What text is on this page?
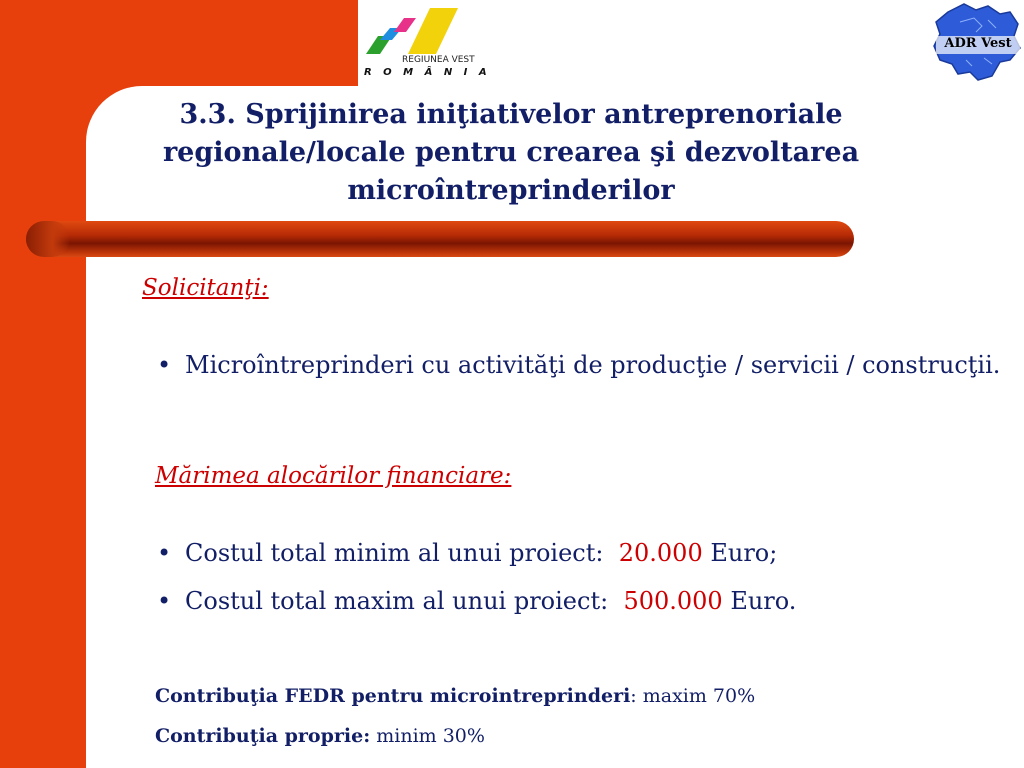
REGIUNEA VEST
R O M Â N I A
ADR Vest
3.3. Sprijinirea iniţiativelor antreprenoriale
regionale/locale pentru crearea şi dezvoltarea
microîntreprinderilor

Solicitanţi:

• Microîntreprinderi cu activităţi de producţie / servicii / construcţii.

Mărimea alocărilor financiare:

• Costul total minim al unui proiect:  20.000 Euro;
• Costul total maxim al unui proiect:  500.000 Euro.

Contribuţia FEDR pentru microintreprinderi: maxim 70%

Contribuţia proprie: minim 30%
